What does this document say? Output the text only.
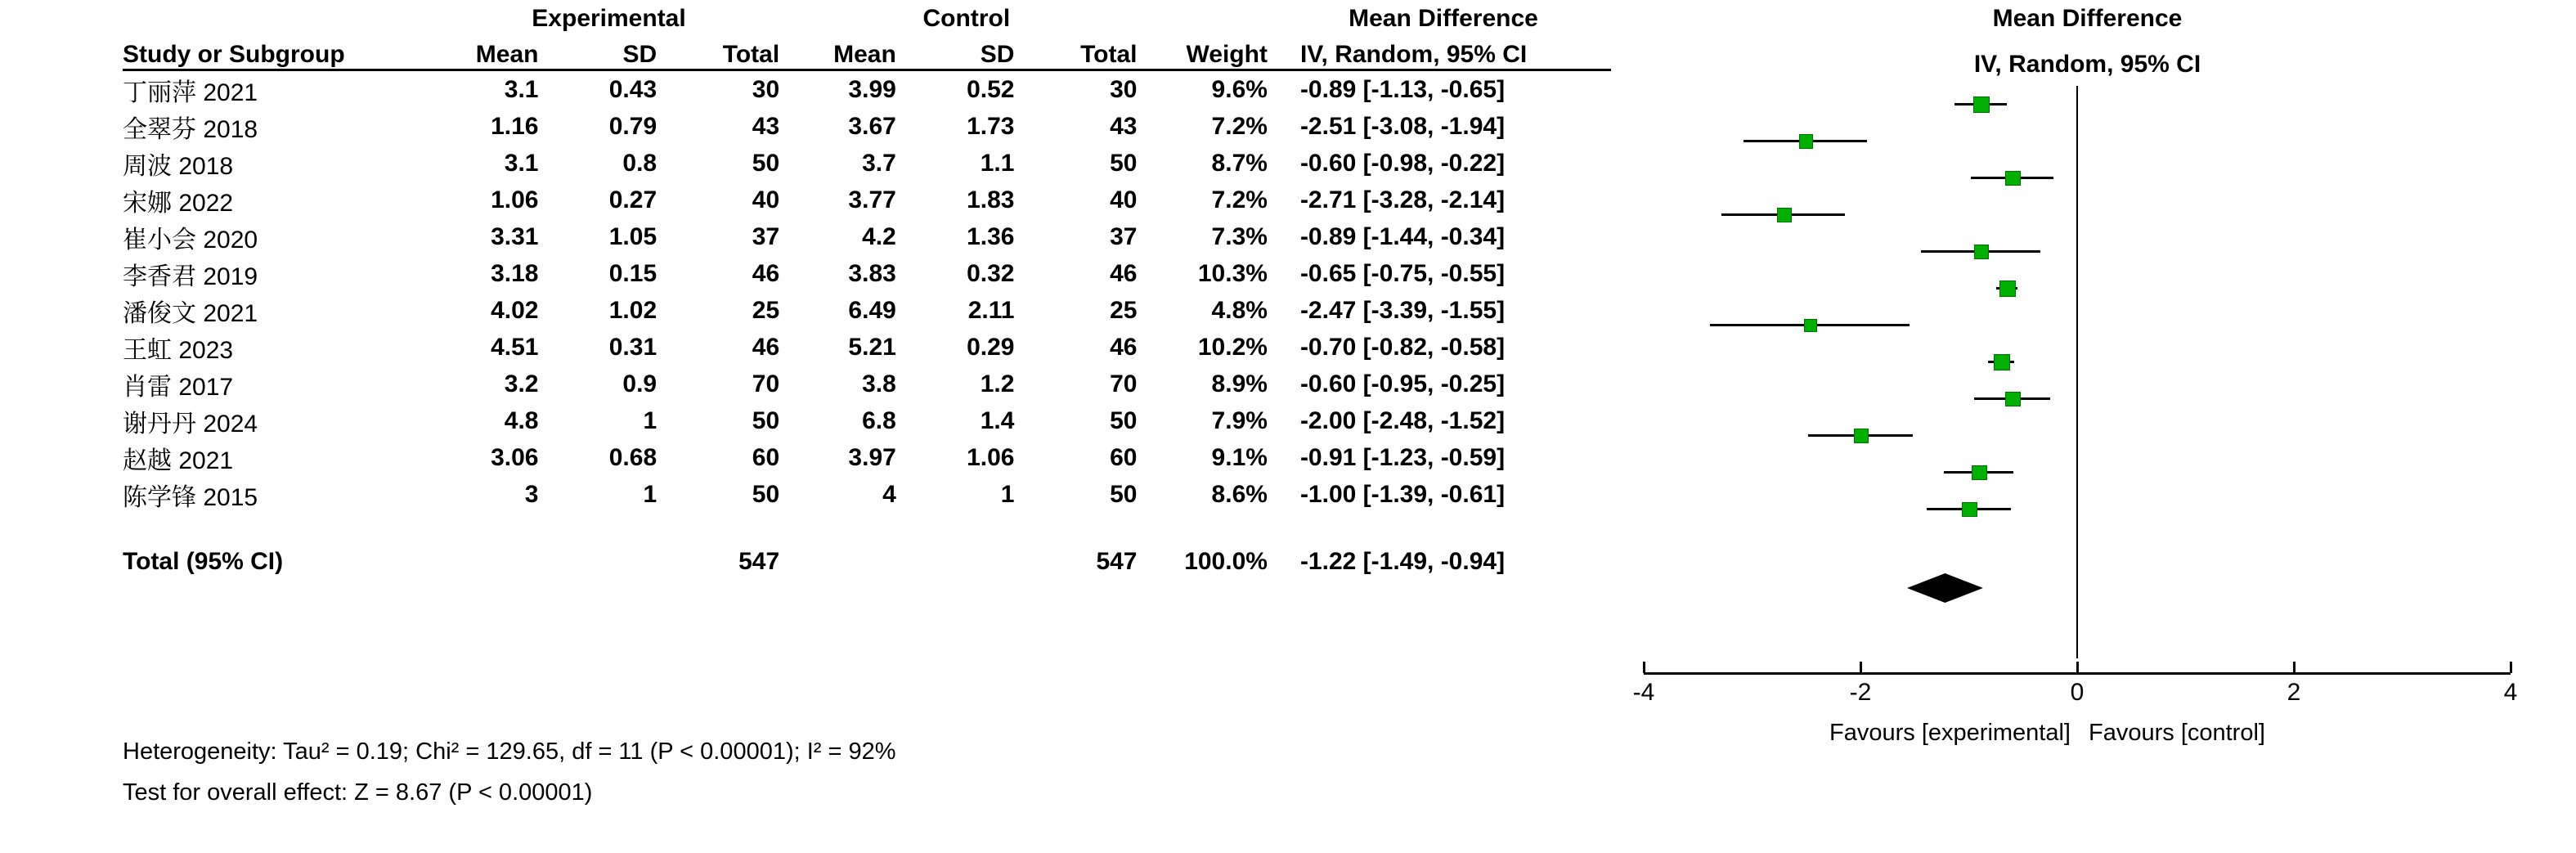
	Experimental			Control				Mean Difference
Study or Subgroup	Mean	SD	Total	Mean	SD	Total	Weight	IV, Random, 95% CI
丁丽萍 2021	3.1	0.43	30	3.99	0.52	30	9.6%	-0.89 [-1.13, -0.65]
全翠芬 2018	1.16	0.79	43	3.67	1.73	43	7.2%	-2.51 [-3.08, -1.94]
周波 2018	3.1	0.8	50	3.7	1.1	50	8.7%	-0.60 [-0.98, -0.22]
宋娜 2022	1.06	0.27	40	3.77	1.83	40	7.2%	-2.71 [-3.28, -2.14]
崔小会 2020	3.31	1.05	37	4.2	1.36	37	7.3%	-0.89 [-1.44, -0.34]
李香君 2019	3.18	0.15	46	3.83	0.32	46	10.3%	-0.65 [-0.75, -0.55]
潘俊文 2021	4.02	1.02	25	6.49	2.11	25	4.8%	-2.47 [-3.39, -1.55]
王虹 2023	4.51	0.31	46	5.21	0.29	46	10.2%	-0.70 [-0.82, -0.58]
肖雷 2017	3.2	0.9	70	3.8	1.2	70	8.9%	-0.60 [-0.95, -0.25]
谢丹丹 2024	4.8	1	50	6.8	1.4	50	7.9%	-2.00 [-2.48, -1.52]
赵越 2021	3.06	0.68	60	3.97	1.06	60	9.1%	-0.91 [-1.23, -0.59]
陈学锋 2015	3	1	50	4	1	50	8.6%	-1.00 [-1.39, -0.61]

Total (95% CI)			547			547	100.0%	-1.22 [-1.49, -0.94]
Heterogeneity: Tau² = 0.19; Chi² = 129.65, df = 11 (P < 0.00001); I² = 92%
Test for overall effect: Z = 8.67 (P < 0.00001)
Mean Difference
IV, Random, 95% CI
-4	-2	0	2	4
Favours [experimental] Favours [control]
